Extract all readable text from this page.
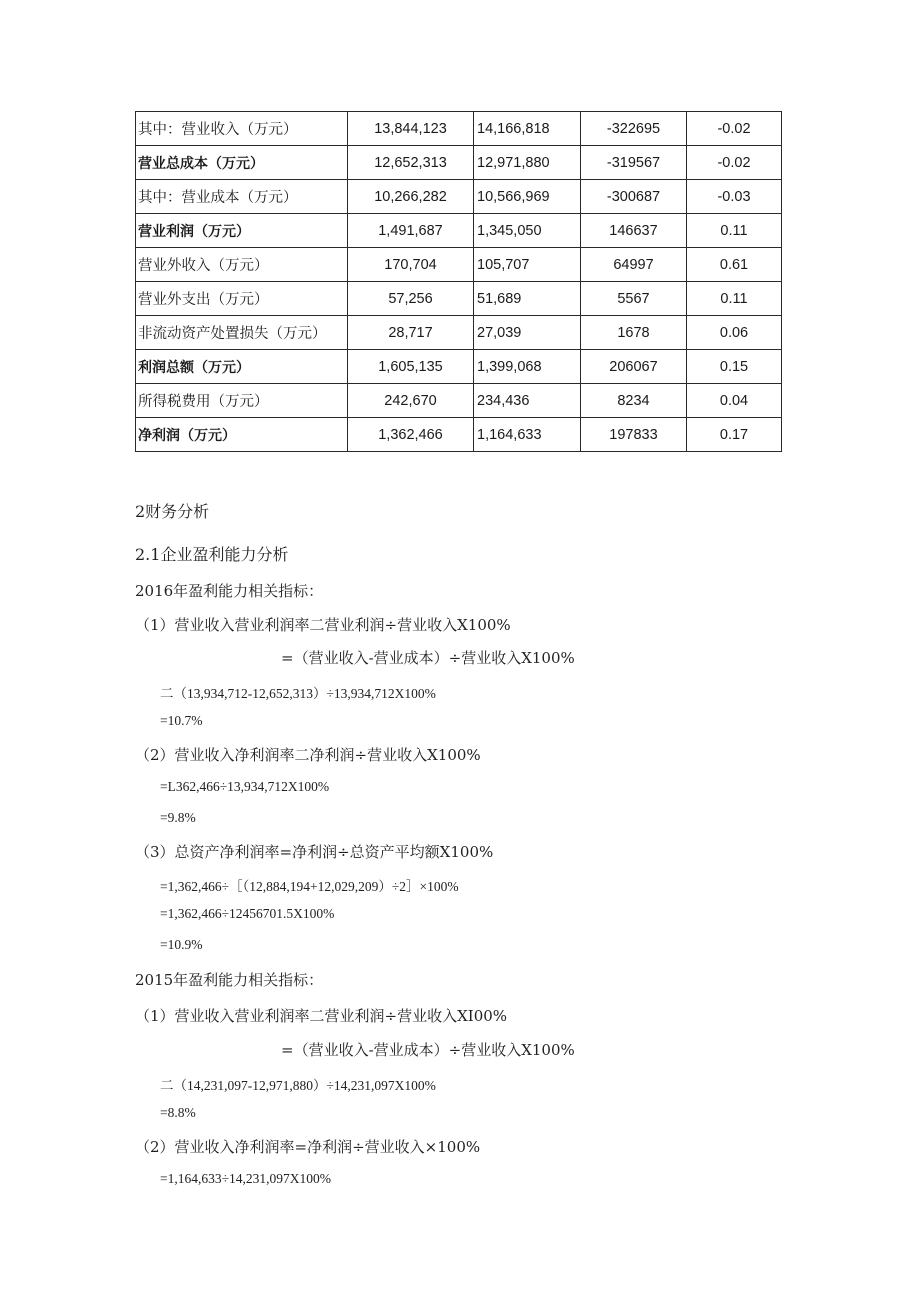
其中：营业收入（万元）	13,844,123	14,166,818	-322695	-0.02
营业总成本（万元）	12,652,313	12,971,880	-319567	-0.02
其中：营业成本（万元）	10,266,282	10,566,969	-300687	-0.03
营业利润（万元）	1,491,687	1,345,050	146637	0.11
营业外收入（万元）	170,704	105,707	64997	0.61
营业外支出（万元）	57,256	51,689	5567	0.11
非流动资产处置损失（万元）	28,717	27,039	1678	0.06
利润总额（万元）	1,605,135	1,399,068	206067	0.15
所得税费用（万元）	242,670	234,436	8234	0.04
净利润（万元）	1,362,466	1,164,633	197833	0.17
2财务分析
2.1企业盈利能力分析
2016年盈利能力相关指标：
（1）营业收入营业利润率二营业利润÷营业收入X100%
=（营业收入-营业成本）÷营业收入X100%
二（13,934,712-12,652,313）÷13,934,712X100%
=10.7%
（2）营业收入净利润率二净利润÷营业收入X100%
=L362,466÷13,934,712X100%
=9.8%
（3）总资产净利润率=净利润÷总资产平均额X100%
=1,362,466÷［（12,884,194+12,029,209）÷2］×100%
=1,362,466÷12456701.5X100%
=10.9%
2015年盈利能力相关指标：
（1）营业收入营业利润率二营业利润÷营业收入XI00%
=（营业收入-营业成本）÷营业收入X100%
二（14,231,097-12,971,880）÷14,231,097X100%
=8.8%
（2）营业收入净利润率=净利润÷营业收入×100%
=1,164,633÷14,231,097X100%
